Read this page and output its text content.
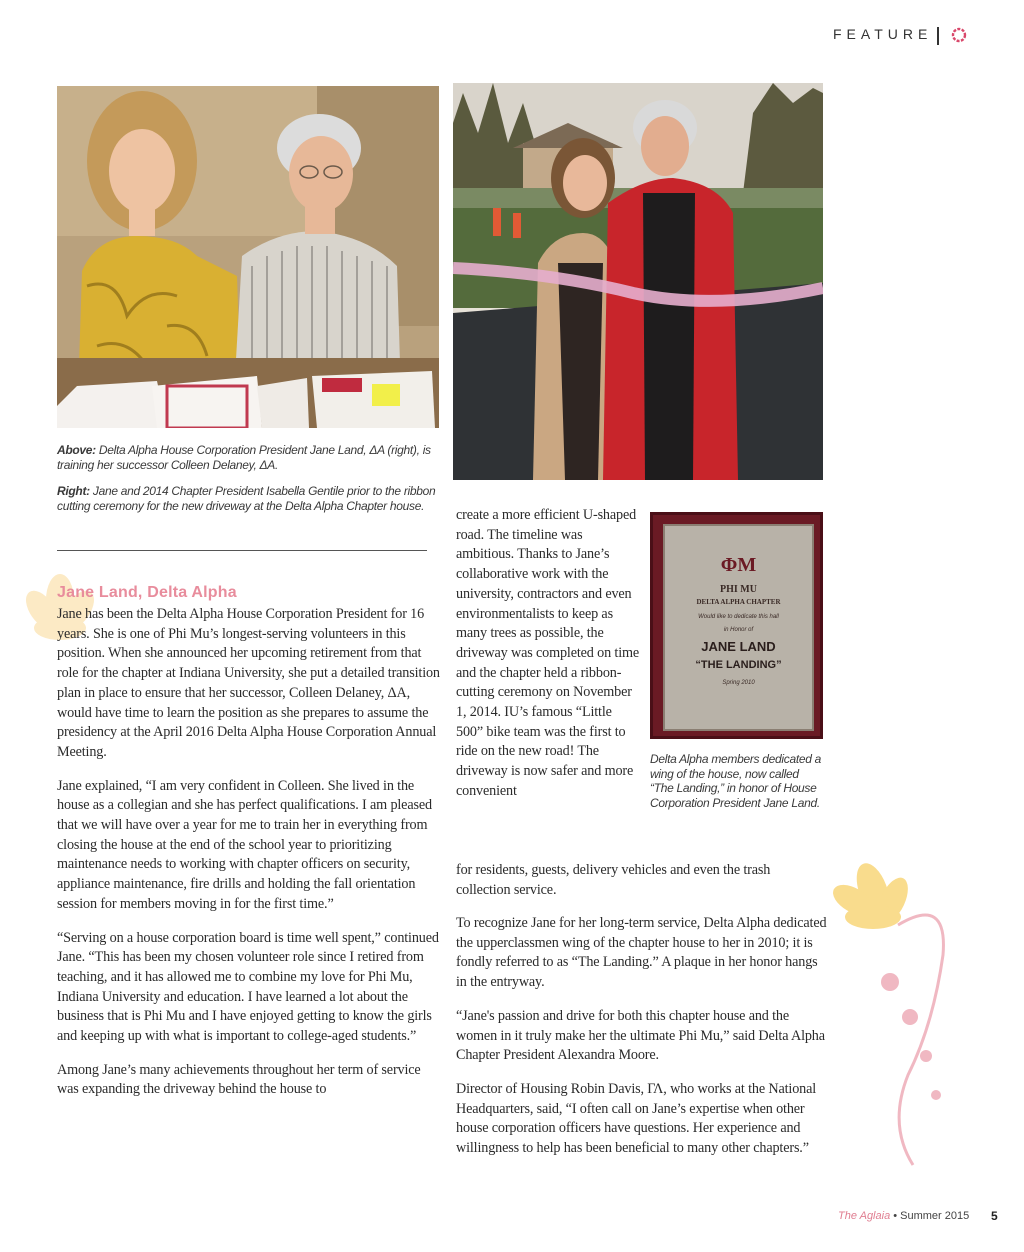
FEATURE
ΦM
PHI MU
DELTA ALPHA CHAPTER
Would like to dedicate this hall
in Honor of
JANE LAND
“THE LANDING”
Spring 2010
Above: Delta Alpha House Corporation President Jane Land, ΔA (right), is training her successor Colleen Delaney, ΔA.
Right: Jane and 2014 Chapter President Isabella Gentile prior to the ribbon cutting ceremony for the new driveway at the Delta Alpha Chapter house.
Delta Alpha members dedicated a wing of the house, now called “The Landing,” in honor of House Corporation President Jane Land.
Jane Land, Delta Alpha

Jane has been the Delta Alpha House Corporation President for 16 years. She is one of Phi Mu’s longest-serving volunteers in this position. When she announced her upcoming retirement from that role for the chapter at Indiana University, she put a detailed transition plan in place to ensure that her successor, Colleen Delaney, ΔA, would have time to learn the position as she prepares to assume the presidency at the April 2016 Delta Alpha House Corporation Annual Meeting.

Jane explained, “I am very confident in Colleen. She lived in the house as a collegian and she has perfect qualifications. I am pleased that we will have over a year for me to train her in everything from closing the house at the end of the school year to prioritizing maintenance needs to working with chapter officers on security, appliance maintenance, fire drills and holding the fall orientation session for members moving in for the first time.”

“Serving on a house corporation board is time well spent,” continued Jane. “This has been my chosen volunteer role since I retired from teaching, and it has allowed me to combine my love for Phi Mu, Indiana University and education. I have learned a lot about the business that is Phi Mu and I have enjoyed getting to know the girls and keeping up with what is important to college-aged students.”

Among Jane’s many achievements throughout her term of service was expanding the driveway behind the house to

create a more efficient U-shaped road. The timeline was ambitious. Thanks to Jane’s collaborative work with the university, contractors and even environmentalists to keep as many trees as possible, the driveway was completed on time and the chapter held a ribbon-cutting ceremony on November 1, 2014. IU’s famous “Little 500” bike team was the first to ride on the new road! The driveway is now safer and more convenient
for residents, guests, delivery vehicles and even the trash collection service.

To recognize Jane for her long-term service, Delta Alpha dedicated the upperclassmen wing of the chapter house to her in 2010; it is fondly referred to as “The Landing.” A plaque in her honor hangs in the entryway.

“Jane's passion and drive for both this chapter house and the women in it truly make her the ultimate Phi Mu,” said Delta Alpha Chapter President Alexandra Moore.

Director of Housing Robin Davis, ΓΛ, who works at the National Headquarters, said, “I often call on Jane’s expertise when other house corporation officers have questions. Her experience and willingness to help has been beneficial to many other chapters.”

The Aglaia • Summer 2015 5
